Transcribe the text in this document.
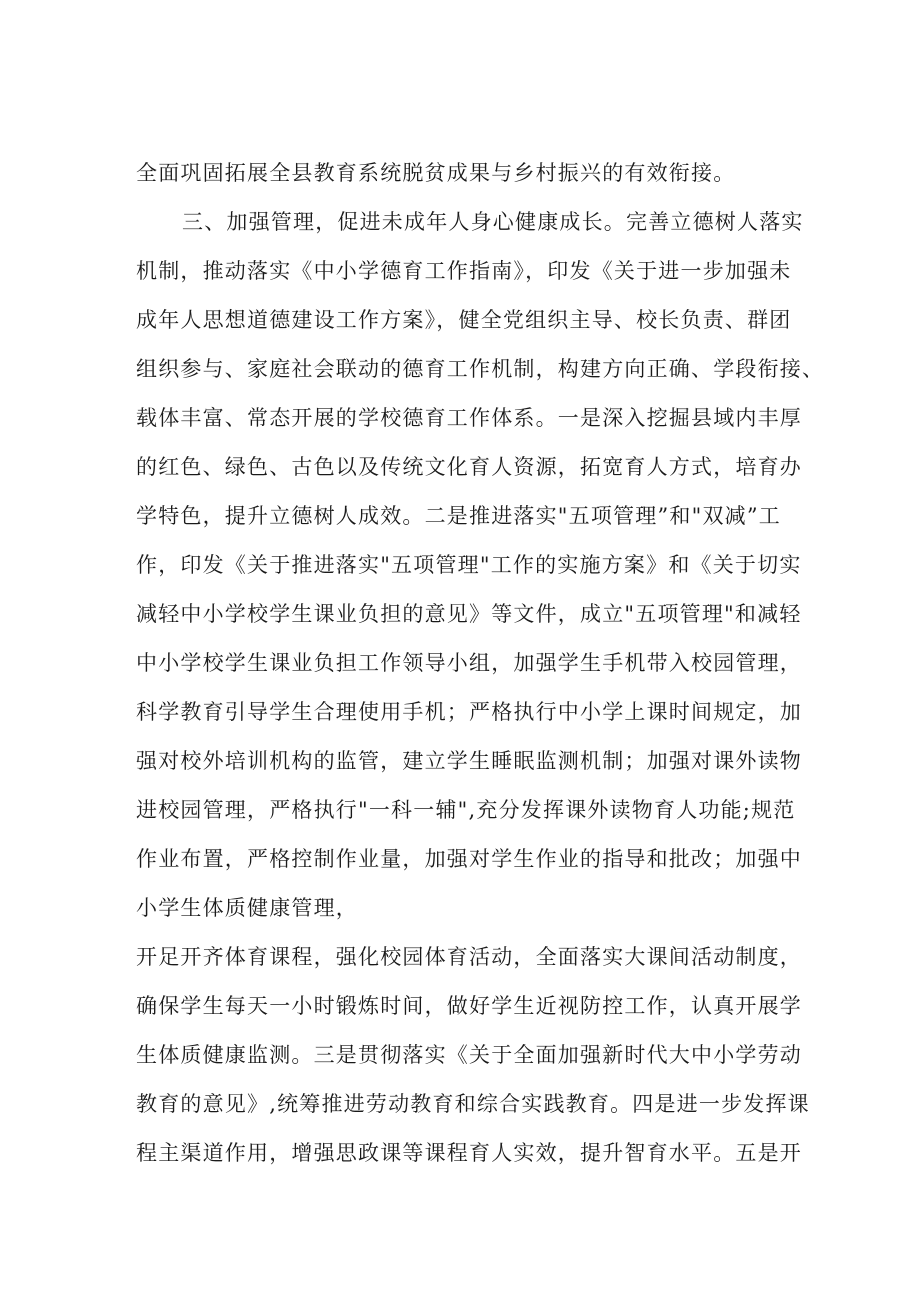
全面巩固拓展全县教育系统脱贫成果与乡村振兴的有效衔接。

三、加强管理，促进未成年人身心健康成长。完善立德树人落实

机制，推动落实《中小学德育工作指南》，印发《关于进一步加强未

成年人思想道德建设工作方案》，健全党组织主导、校长负责、群团

组织参与、家庭社会联动的德育工作机制，构建方向正确、学段衔接、

载体丰富、常态开展的学校德育工作体系。一是深入挖掘县域内丰厚

的红色、绿色、古色以及传统文化育人资源，拓宽育人方式，培育办

学特色，提升立德树人成效。二是推进落实"五项管理”和"双减”工

作，印发《关于推进落实"五项管理"工作的实施方案》和《关于切实

减轻中小学校学生课业负担的意见》等文件，成立"五项管理"和减轻

中小学校学生课业负担工作领导小组，加强学生手机带入校园管理，

科学教育引导学生合理使用手机；严格执行中小学上课时间规定，加

强对校外培训机构的监管，建立学生睡眠监测机制；加强对课外读物

进校园管理，严格执行"一科一辅",充分发挥课外读物育人功能;规范

作业布置，严格控制作业量，加强对学生作业的指导和批改；加强中

小学生体质健康管理，

开足开齐体育课程，强化校园体育活动，全面落实大课间活动制度，

确保学生每天一小时锻炼时间，做好学生近视防控工作，认真开展学

生体质健康监测。三是贯彻落实《关于全面加强新时代大中小学劳动

教育的意见》,统筹推进劳动教育和综合实践教育。四是进一步发挥课

程主渠道作用，增强思政课等课程育人实效，提升智育水平。五是开
